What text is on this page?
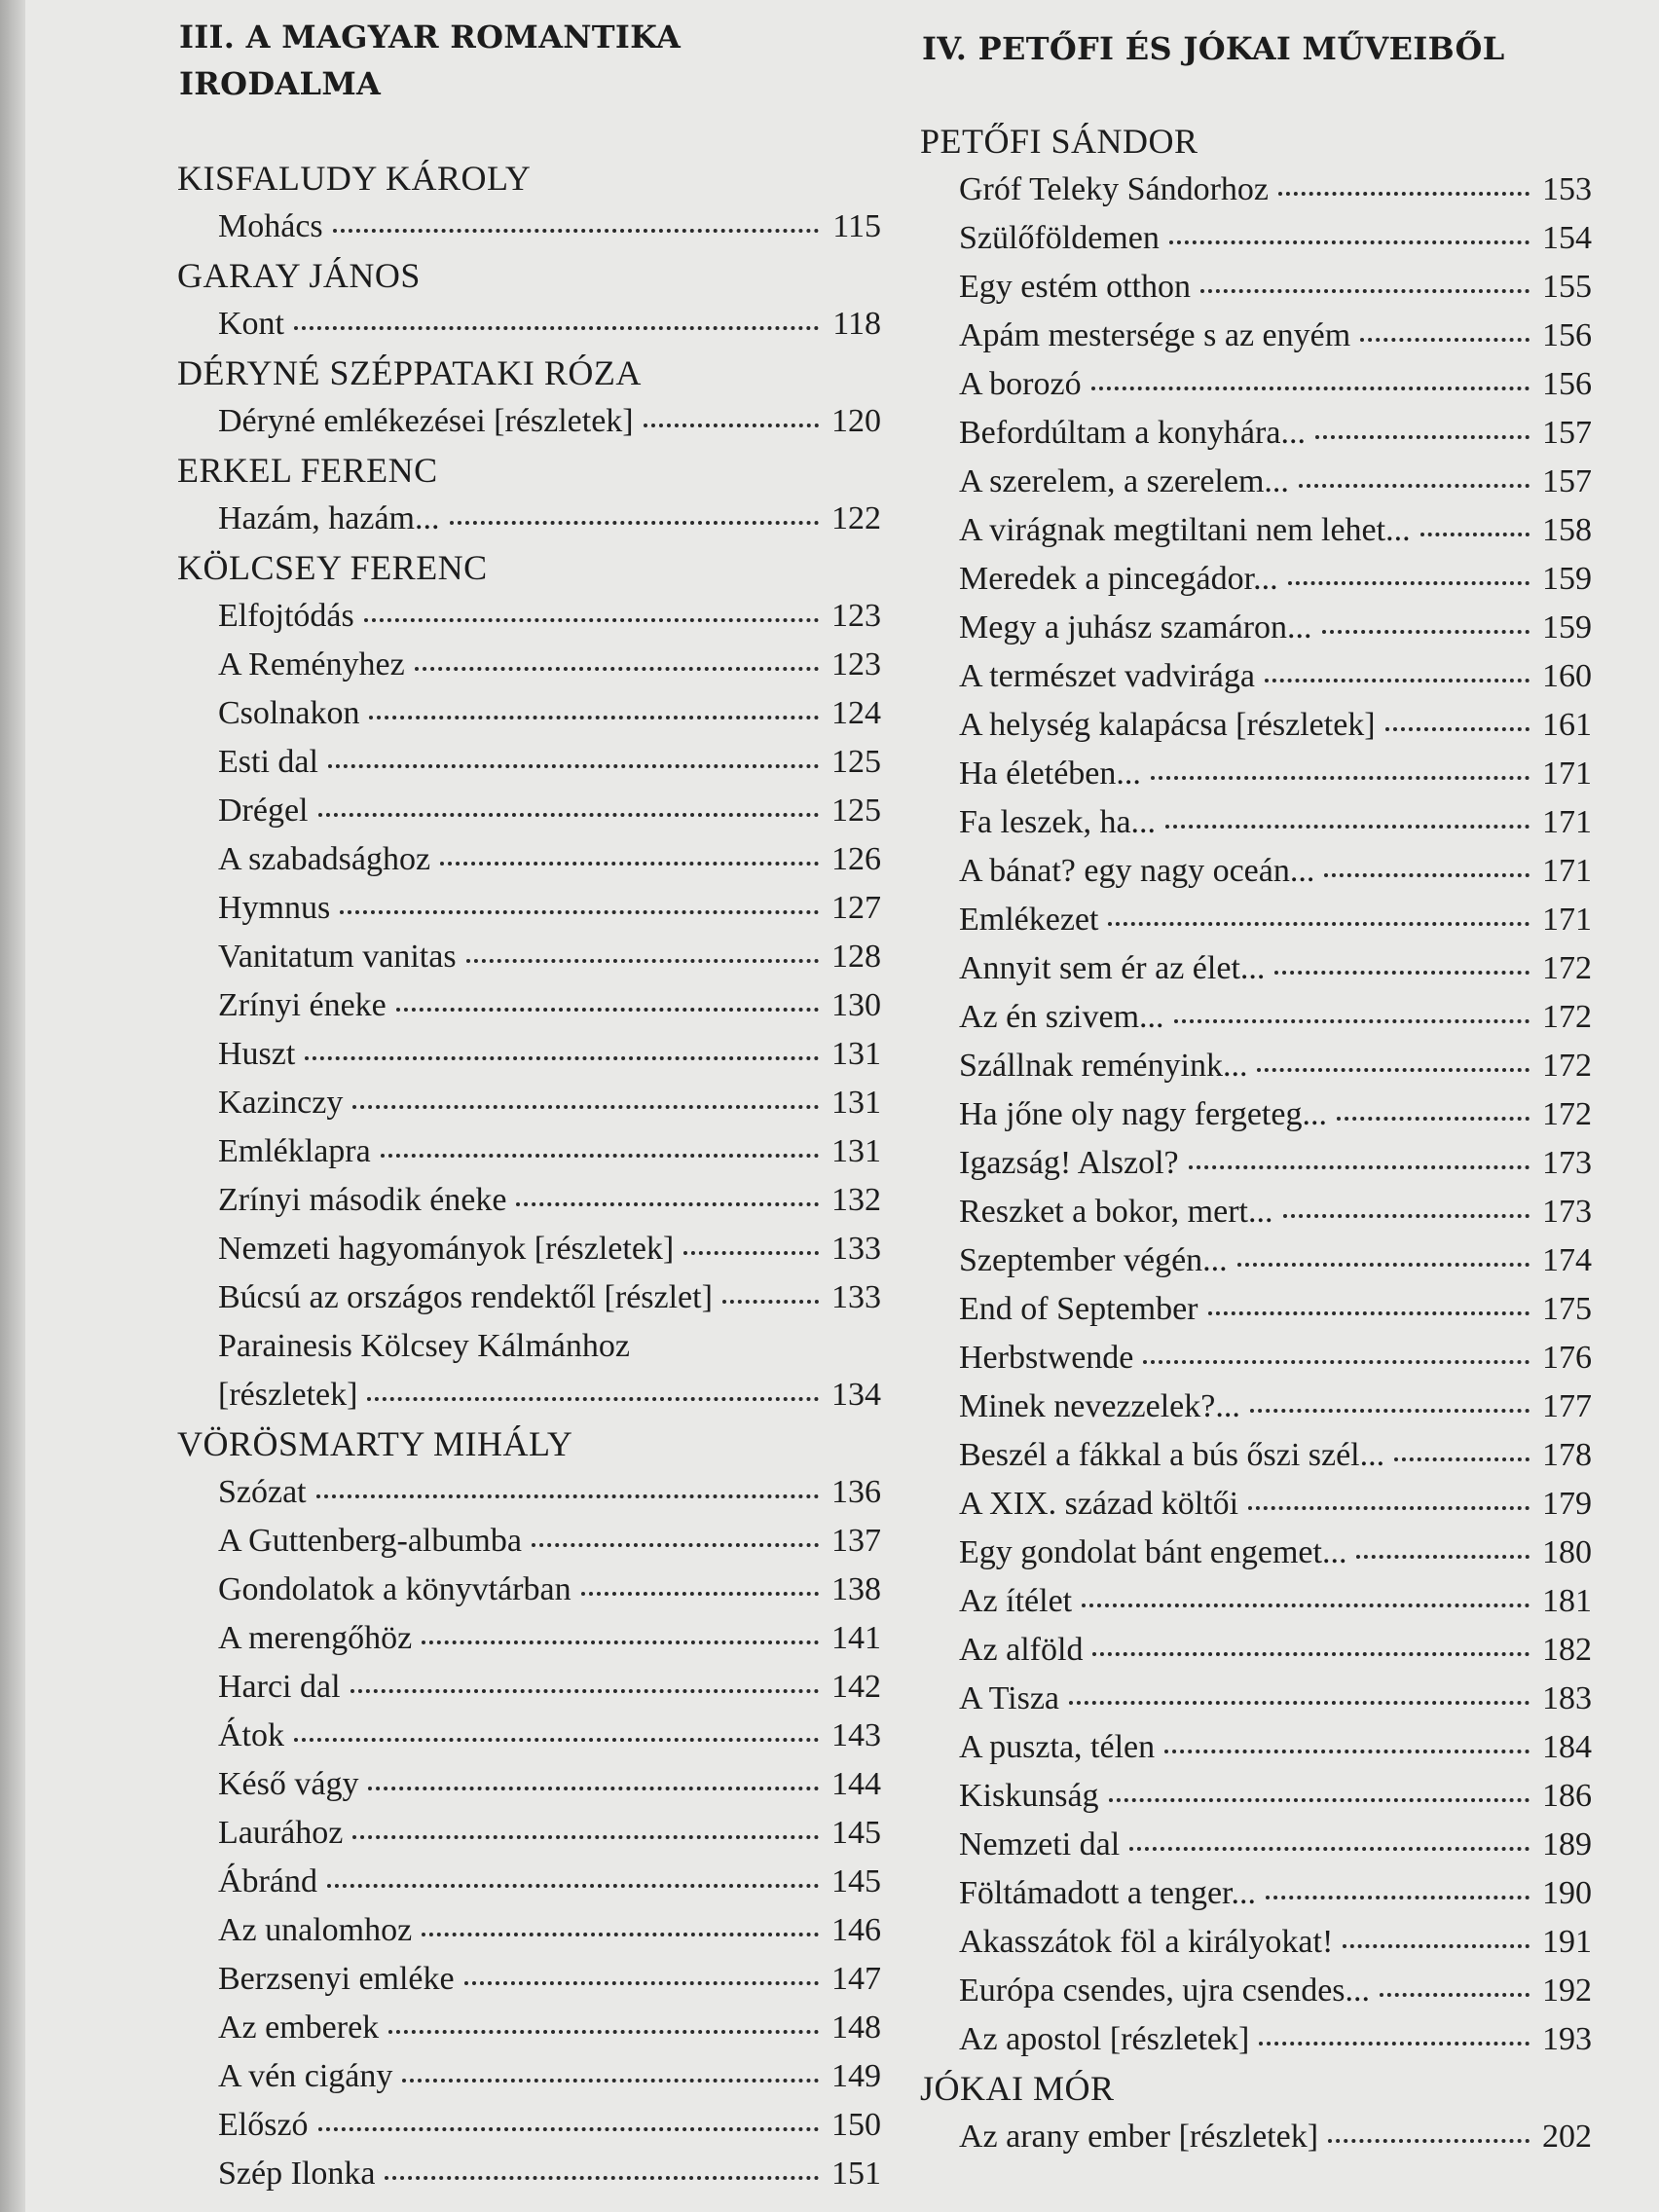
III. A MAGYAR ROMANTIKA IRODALMA
KISFALUDY KÁROLY
Mohács	115
GARAY JÁNOS
Kont	118
DÉRYNÉ SZÉPPATAKI RÓZA
Déryné emlékezései [részletek]	120
ERKEL FERENC
Hazám, hazám...	122
KÖLCSEY FERENC
Elfojtódás	123
A Reményhez	123
Csolnakon	124
Esti dal	125
Drégel	125
A szabadsághoz	126
Hymnus	127
Vanitatum vanitas	128
Zrínyi éneke	130
Huszt	131
Kazinczy	131
Emléklapra	131
Zrínyi második éneke	132
Nemzeti hagyományok [részletek]	133
Búcsú az országos rendektől [részlet]	133
Parainesis Kölcsey Kálmánhoz
[részletek]	134
VÖRÖSMARTY MIHÁLY
Szózat	136
A Guttenberg-albumba	137
Gondolatok a könyvtárban	138
A merengőhöz	141
Harci dal	142
Átok	143
Késő vágy	144
Laurához	145
Ábránd	145
Az unalomhoz	146
Berzsenyi emléke	147
Az emberek	148
A vén cigány	149
Előszó	150
Szép Ilonka	151
IV. PETŐFI ÉS JÓKAI MŰVEIBŐL
PETŐFI SÁNDOR
Gróf Teleky Sándorhoz	153
Szülőföldemen	154
Egy estém otthon	155
Apám mestersége s az enyém	156
A borozó	156
Befordúltam a konyhára...	157
A szerelem, a szerelem...	157
A virágnak megtiltani nem lehet...	158
Meredek a pincegádor...	159
Megy a juhász szamáron...	159
A természet vadvirága	160
A helység kalapácsa [részletek]	161
Ha életében...	171
Fa leszek, ha...	171
A bánat? egy nagy oceán...	171
Emlékezet	171
Annyit sem ér az élet...	172
Az én szivem...	172
Szállnak reményink...	172
Ha jőne oly nagy fergeteg...	172
Igazság! Alszol?	173
Reszket a bokor, mert...	173
Szeptember végén...	174
End of September	175
Herbstwende	176
Minek nevezzelek?...	177
Beszél a fákkal a bús őszi szél...	178
A XIX. század költői	179
Egy gondolat bánt engemet...	180
Az ítélet	181
Az alföld	182
A Tisza	183
A puszta, télen	184
Kiskunság	186
Nemzeti dal	189
Föltámadott a tenger...	190
Akasszátok föl a királyokat!	191
Európa csendes, ujra csendes...	192
Az apostol [részletek]	193
JÓKAI MÓR
Az arany ember [részletek]	202
